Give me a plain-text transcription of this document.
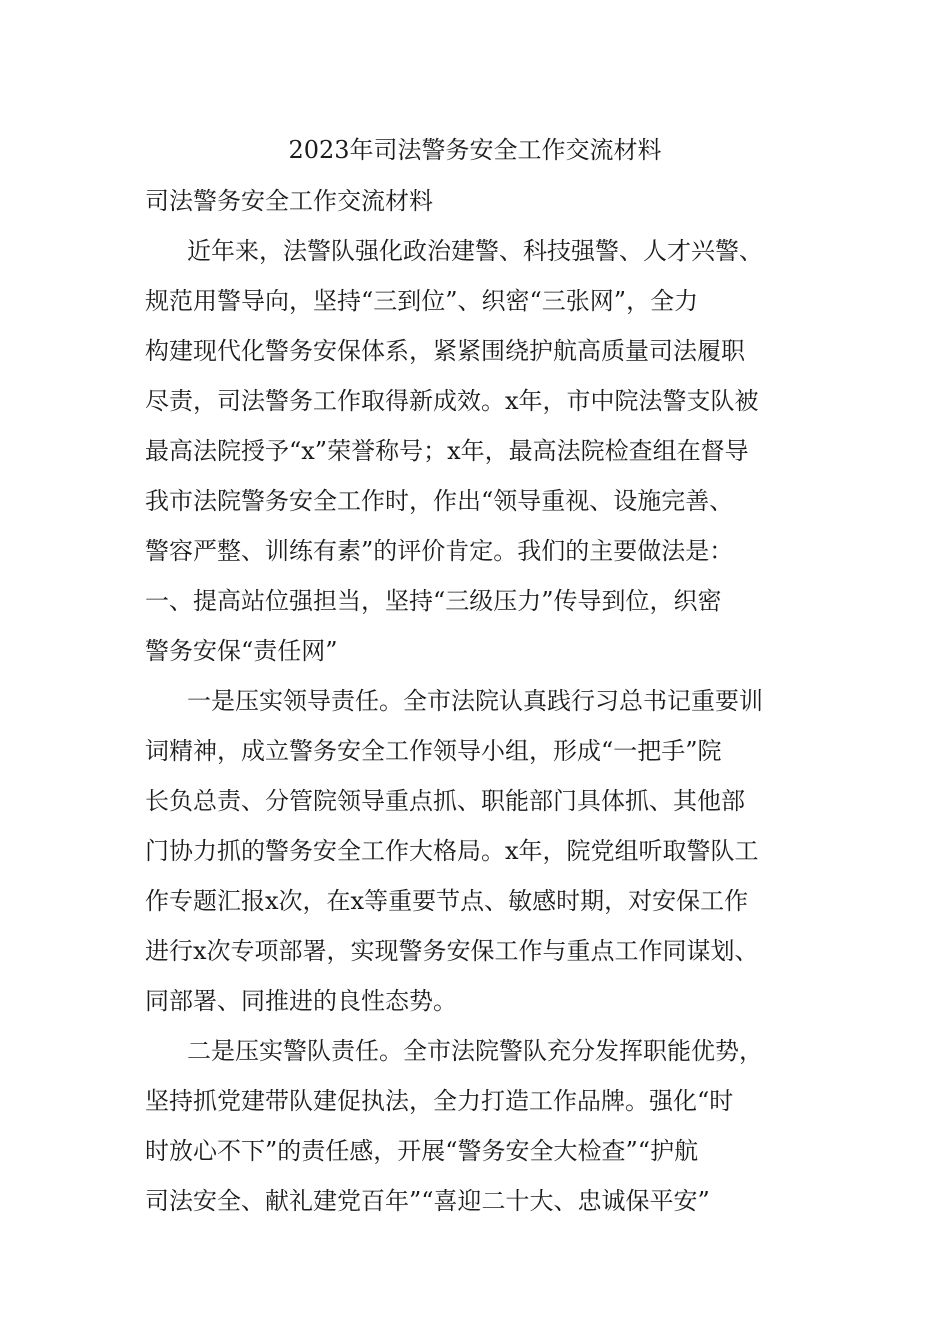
2023年司法警务安全工作交流材料
司法警务安全工作交流材料
近年来，法警队强化政治建警、科技强警、人才兴警、
规范用警导向，坚持“三到位”、织密“三张网”，全力
构建现代化警务安保体系，紧紧围绕护航高质量司法履职
尽责，司法警务工作取得新成效。x年，市中院法警支队被
最高法院授予“x”荣誉称号；x年，最高法院检查组在督导
我市法院警务安全工作时，作出“领导重视、设施完善、
警容严整、训练有素”的评价肯定。我们的主要做法是：
一、提高站位强担当，坚持“三级压力”传导到位，织密
警务安保“责任网”
一是压实领导责任。全市法院认真践行习总书记重要训
词精神，成立警务安全工作领导小组，形成“一把手”院
长负总责、分管院领导重点抓、职能部门具体抓、其他部
门协力抓的警务安全工作大格局。x年，院党组听取警队工
作专题汇报x次，在x等重要节点、敏感时期，对安保工作
进行x次专项部署，实现警务安保工作与重点工作同谋划、
同部署、同推进的良性态势。
二是压实警队责任。全市法院警队充分发挥职能优势，
坚持抓党建带队建促执法，全力打造工作品牌。强化“时
时放心不下”的责任感，开展“警务安全大检查”“护航
司法安全、献礼建党百年”“喜迎二十大、忠诚保平安”
